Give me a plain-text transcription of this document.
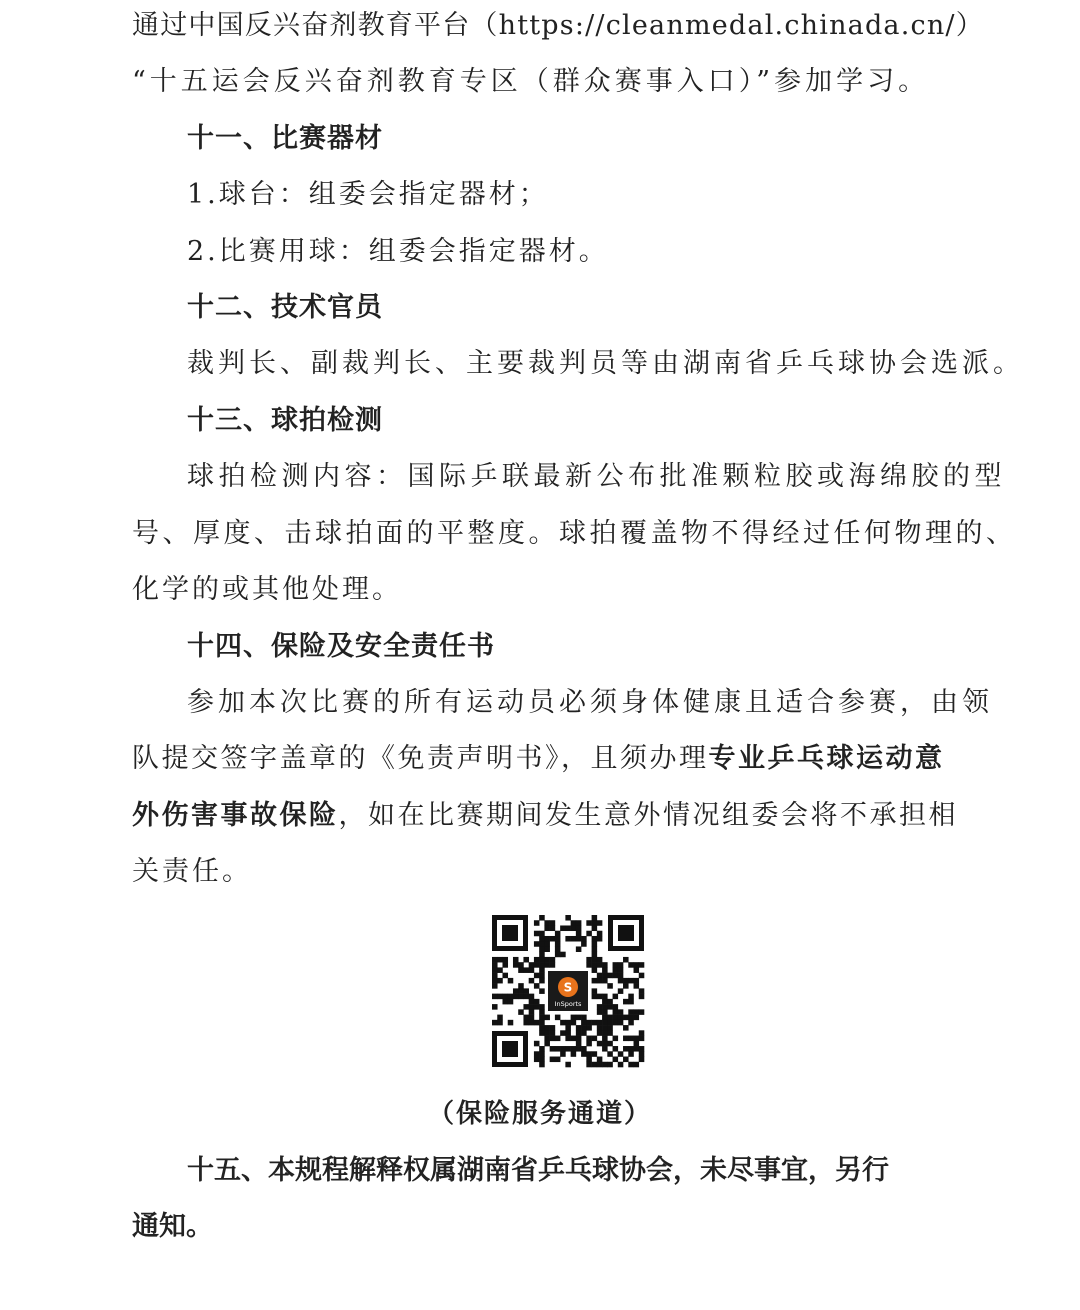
通过中国反兴奋剂教育平台（https://cleanmedal.chinada.cn/）
“十五运会反兴奋剂教育专区（群众赛事入口）”参加学习。
十一、比赛器材
1.球台：组委会指定器材；
2.比赛用球：组委会指定器材。
十二、技术官员
裁判长、副裁判长、主要裁判员等由湖南省乒乓球协会选派。
十三、球拍检测
球拍检测内容：国际乒联最新公布批准颗粒胶或海绵胶的型
号、厚度、击球拍面的平整度。球拍覆盖物不得经过任何物理的、
化学的或其他处理。
十四、保险及安全责任书
参加本次比赛的所有运动员必须身体健康且适合参赛，由领
队提交签字盖章的《免责声明书》，且须办理专业乒乓球运动意
外伤害事故保险，如在比赛期间发生意外情况组委会将不承担相
关责任。
S
InSports
（保险服务通道）
十五、本规程解释权属湖南省乒乓球协会，未尽事宜，另行
通知。
